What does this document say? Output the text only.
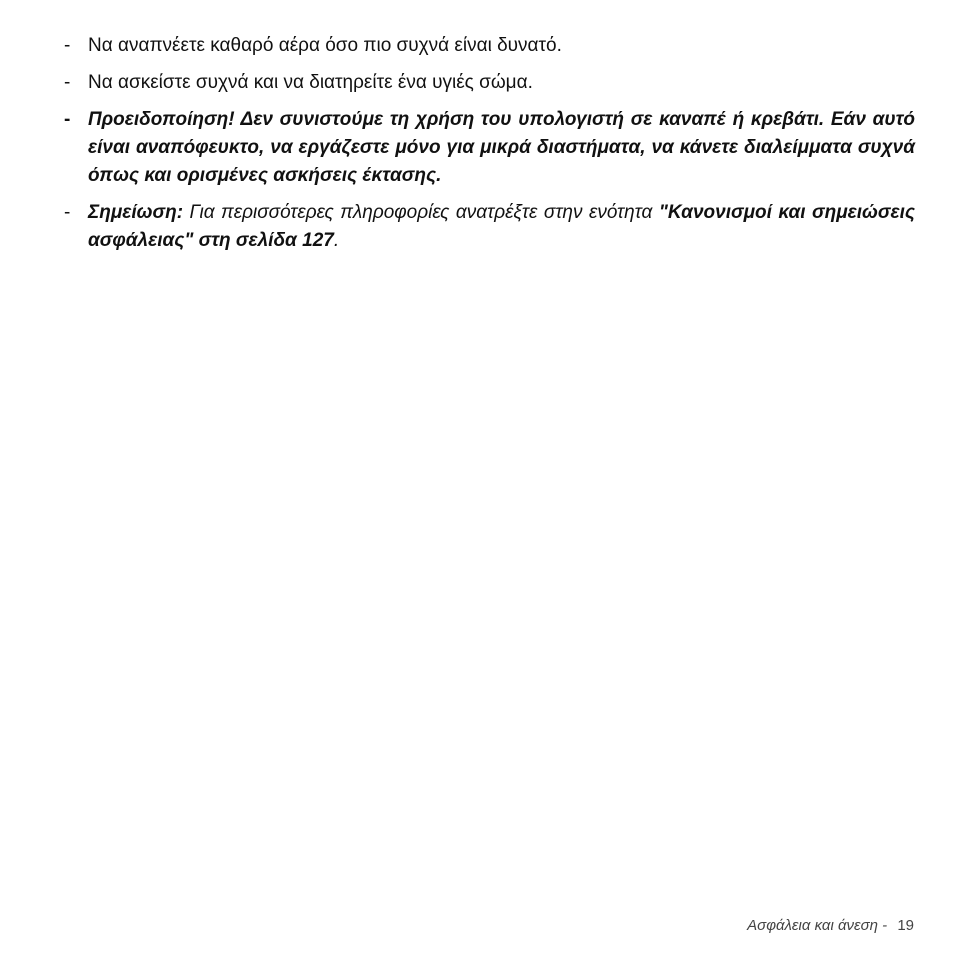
- Να αναπνέετε καθαρό αέρα όσο πιο συχνά είναι δυνατό.
- Να ασκείστε συχνά και να διατηρείτε ένα υγιές σώμα.
- Προειδοποίηση! Δεν συνιστούμε τη χρήση του υπολογιστή σε καναπέ ή κρεβάτι. Εάν αυτό είναι αναπόφευκτο, να εργάζεστε μόνο για μικρά διαστήματα, να κάνετε διαλείμματα συχνά όπως και ορισμένες ασκήσεις έκτασης.
- Σημείωση: Για περισσότερες πληροφορίες ανατρέξτε στην ενότητα "Κανονισμοί και σημειώσεις ασφάλειας" στη σελίδα 127.
Ασφάλεια και άνεση - 19
